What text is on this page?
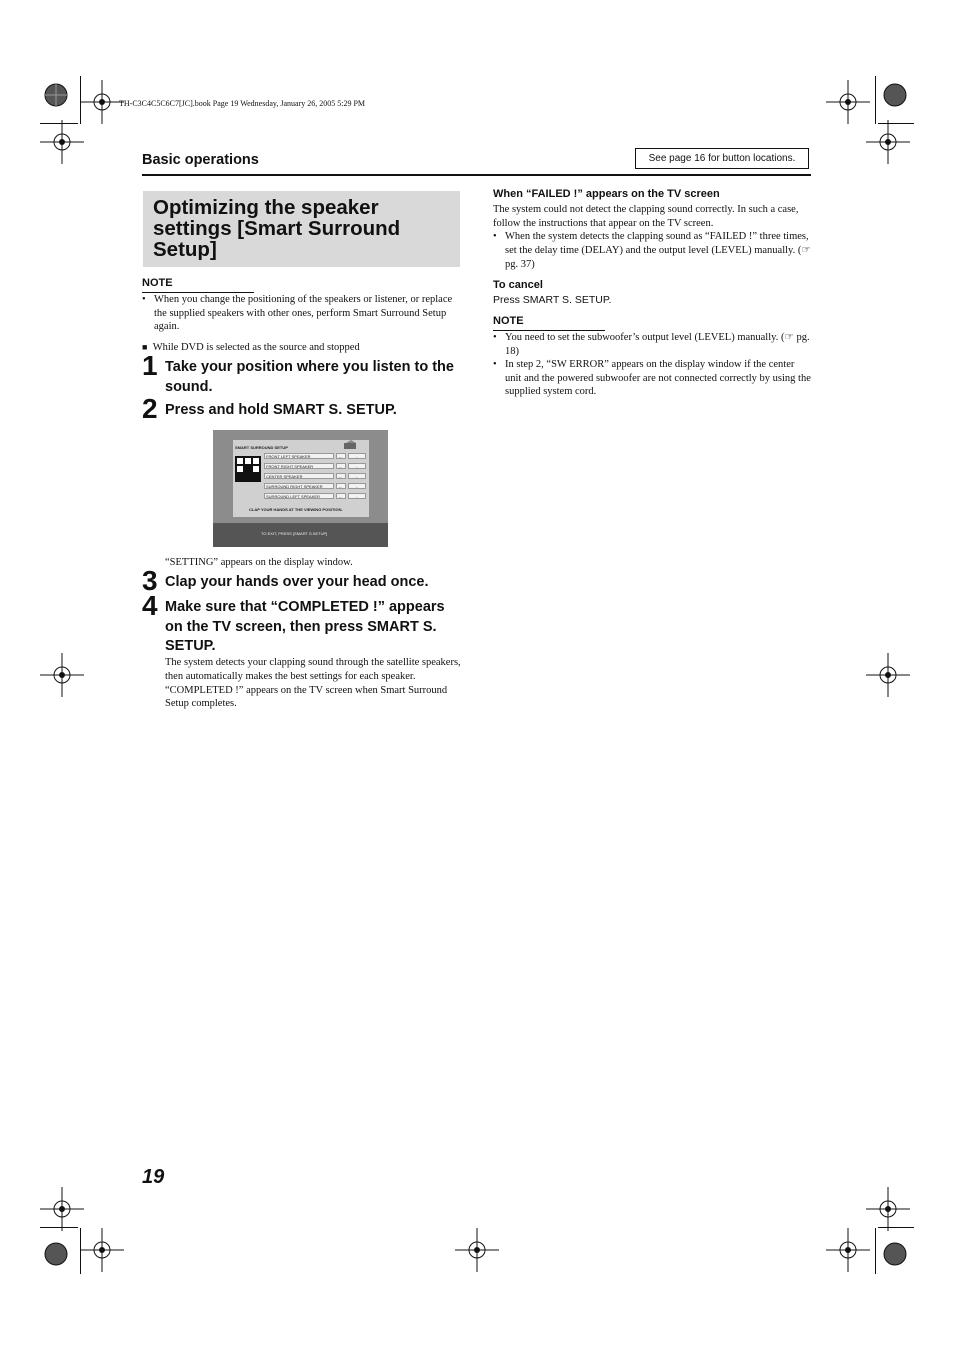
TH-C3C4C5C6C7[JC].book Page 19 Wednesday, January 26, 2005 5:29 PM
Basic operations	See page 16 for button locations.
Optimizing the speaker settings [Smart Surround Setup]
NOTE
• When you change the positioning of the speakers or listener, or replace the supplied speakers with other ones, perform Smart Surround Setup again.
■ While DVD is selected as the source and stopped
1 Take your position where you listen to the sound.
2 Press and hold SMART S. SETUP.
SMART SURROUND SETUP
FRONT LEFT SPEAKER	--	-
FRONT RIGHT SPEAKER	--	-
CENTER SPEAKER	--	-
SURROUND RIGHT SPEAKER	--	-
SURROUND LEFT SPEAKER	--	-
CLAP YOUR HANDS AT THE VIEWING POSITION.
TO EXIT, PRESS [SMART S.SETUP]
“SETTING” appears on the display window.
3 Clap your hands over your head once.
4 Make sure that “COMPLETED !” appears on the TV screen, then press SMART S. SETUP.
The system detects your clapping sound through the satellite speakers, then automatically makes the best settings for each speaker. “COMPLETED !” appears on the TV screen when Smart Surround Setup completes.
When “FAILED !” appears on the TV screen
The system could not detect the clapping sound correctly. In such a case, follow the instructions that appear on the TV screen.
• When the system detects the clapping sound as “FAILED !” three times, set the delay time (DELAY) and the output level (LEVEL) manually. (☞ pg. 37)
To cancel
Press SMART S. SETUP.
NOTE
• You need to set the subwoofer’s output level (LEVEL) manually. (☞ pg. 18)
• In step 2, “SW ERROR” appears on the display window if the center unit and the powered subwoofer are not connected correctly by using the supplied system cord.
19
